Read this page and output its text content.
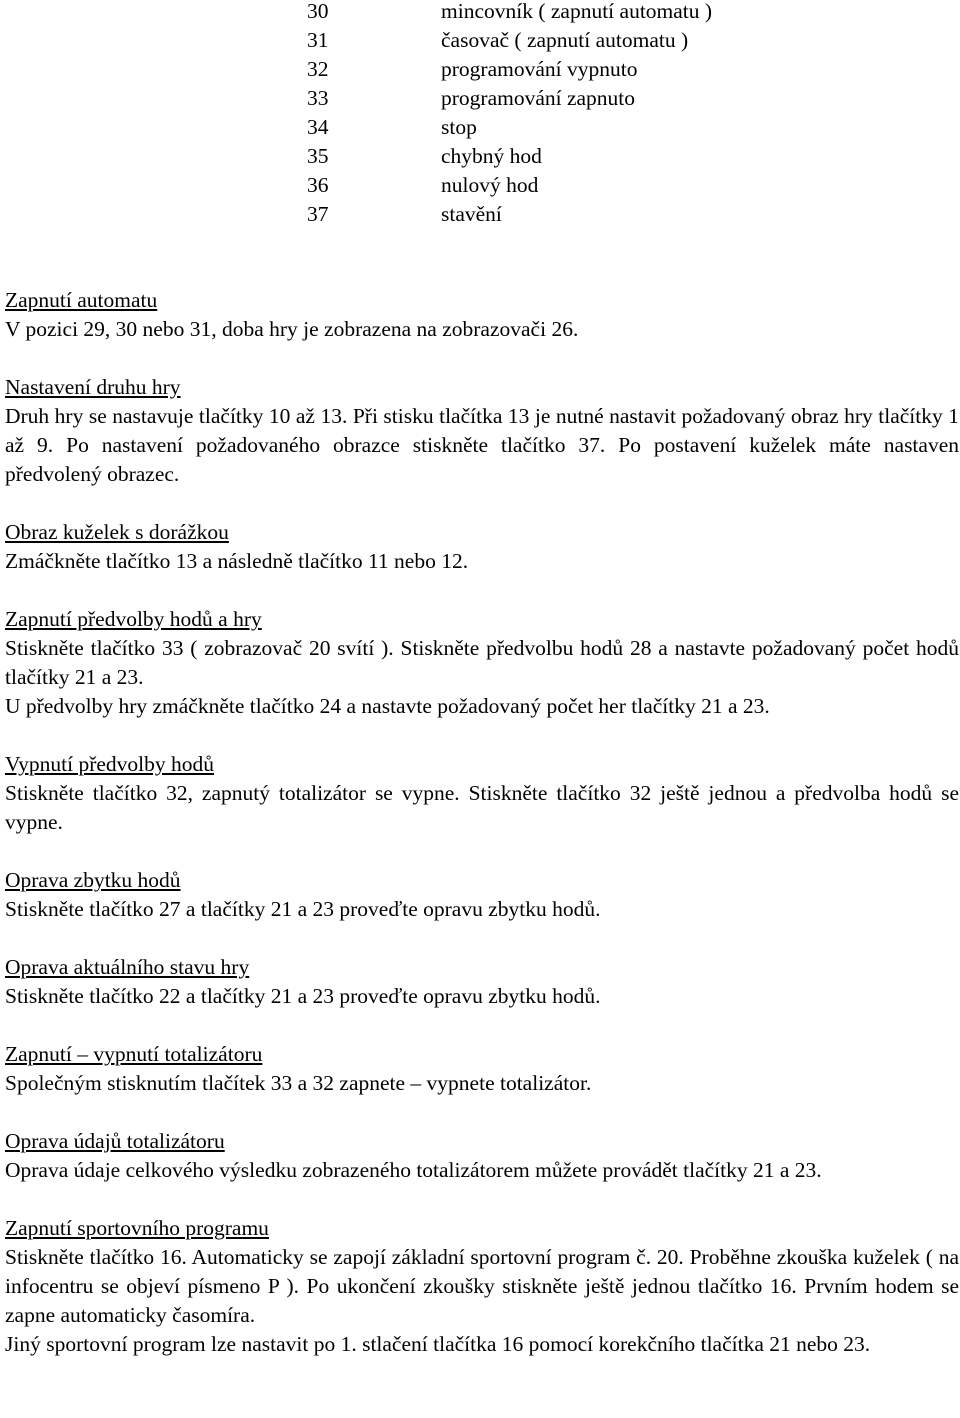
30	mincovník ( zapnutí automatu )
31	časovač ( zapnutí automatu )
32	programování vypnuto
33	programování zapnuto
34	stop
35	chybný hod
36	nulový hod
37	stavění
Zapnutí automatu

V pozici 29, 30 nebo 31, doba hry je zobrazena na zobrazovači 26.

Nastavení druhu hry

Druh hry se nastavuje tlačítky 10 až 13. Při stisku tlačítka 13 je nutné nastavit požadovaný obraz hry tlačítky 1 až 9. Po nastavení požadovaného obrazce stiskněte tlačítko 37. Po postavení kuželek máte nastaven předvolený obrazec.

Obraz kuželek s dorážkou

Zmáčkněte tlačítko 13 a následně tlačítko 11 nebo 12.

Zapnutí předvolby hodů a hry

Stiskněte tlačítko 33 ( zobrazovač 20 svítí ). Stiskněte předvolbu hodů 28 a nastavte požadovaný počet hodů tlačítky 21 a 23.

U předvolby hry zmáčkněte tlačítko 24 a nastavte požadovaný počet her tlačítky 21 a 23.

Vypnutí předvolby hodů

Stiskněte tlačítko 32, zapnutý totalizátor se vypne. Stiskněte tlačítko 32 ještě jednou a předvolba hodů se vypne.

Oprava zbytku hodů

Stiskněte tlačítko 27 a tlačítky 21 a 23 proveďte opravu zbytku hodů.

Oprava aktuálního stavu hry

Stiskněte tlačítko 22 a tlačítky 21 a 23 proveďte opravu zbytku hodů.

Zapnutí – vypnutí totalizátoru

Společným stisknutím tlačítek 33 a 32 zapnete – vypnete totalizátor.

Oprava údajů totalizátoru

Oprava údaje celkového výsledku zobrazeného totalizátorem můžete provádět tlačítky 21 a 23.

Zapnutí sportovního programu

Stiskněte tlačítko 16. Automaticky se zapojí základní sportovní program č. 20. Proběhne zkouška kuželek ( na infocentru se objeví písmeno P ). Po ukončení zkoušky stiskněte ještě jednou tlačítko 16. Prvním hodem se zapne automaticky časomíra.

Jiný sportovní program lze nastavit po 1. stlačení tlačítka 16 pomocí korekčního tlačítka 21 nebo 23.
